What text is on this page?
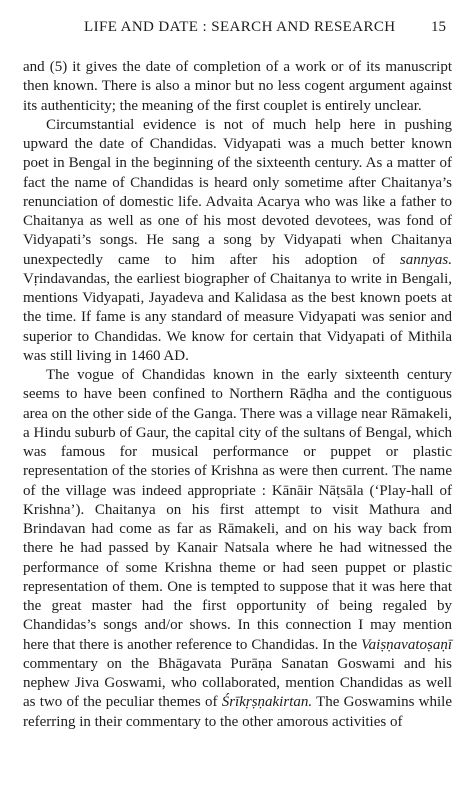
LIFE AND DATE : SEARCH AND RESEARCH 15

and (5) it gives the date of completion of a work or of its manuscript then known. There is also a minor but no less cogent argument against its authenticity; the meaning of the first couplet is entirely unclear.

Circumstantial evidence is not of much help here in pushing upward the date of Chandidas. Vidyapati was a much better known poet in Bengal in the beginning of the sixteenth century. As a matter of fact the name of Chandidas is heard only sometime after Chaitanya’s renunciation of domestic life. Advaita Acarya who was like a father to Chaitanya as well as one of his most devoted devotees, was fond of Vidyapati’s songs. He sang a song by Vidyapati when Chaitanya unexpectedly came to him after his adoption of sannyas. Vṛindavandas, the earliest biographer of Chaitanya to write in Bengali, mentions Vidyapati, Jayadeva and Kalidasa as the best known poets at the time. If fame is any standard of measure Vidyapati was senior and superior to Chandidas. We know for certain that Vidyapati of Mithila was still living in 1460 AD.

The vogue of Chandidas known in the early sixteenth century seems to have been confined to Northern Rāḍha and the contiguous area on the other side of the Ganga. There was a village near Rāmakeli, a Hindu suburb of Gaur, the capital city of the sultans of Bengal, which was famous for musical performance or puppet or plastic representation of the stories of Krishna as were then current. The name of the village was indeed appropriate : Kānāir Nāṭsāla (‘Play-hall of Krishna’). Chaitanya on his first attempt to visit Mathura and Brindavan had come as far as Rāmakeli, and on his way back from there he had passed by Kanair Natsala where he had witnessed the performance of some Krishna theme or had seen puppet or plastic representation of them. One is tempted to suppose that it was here that the great master had the first opportunity of being regaled by Chandidas’s songs and/or shows. In this connection I may mention here that there is another reference to Chandidas. In the Vaiṣṇavatoṣaṇī commentary on the Bhāgavata Purāṇa Sanatan Goswami and his nephew Jiva Goswami, who collaborated, mention Chandidas as well as two of the peculiar themes of Śrīkṛṣṇakirtan. The Goswamins while referring in their commentary to the other amorous activities of
